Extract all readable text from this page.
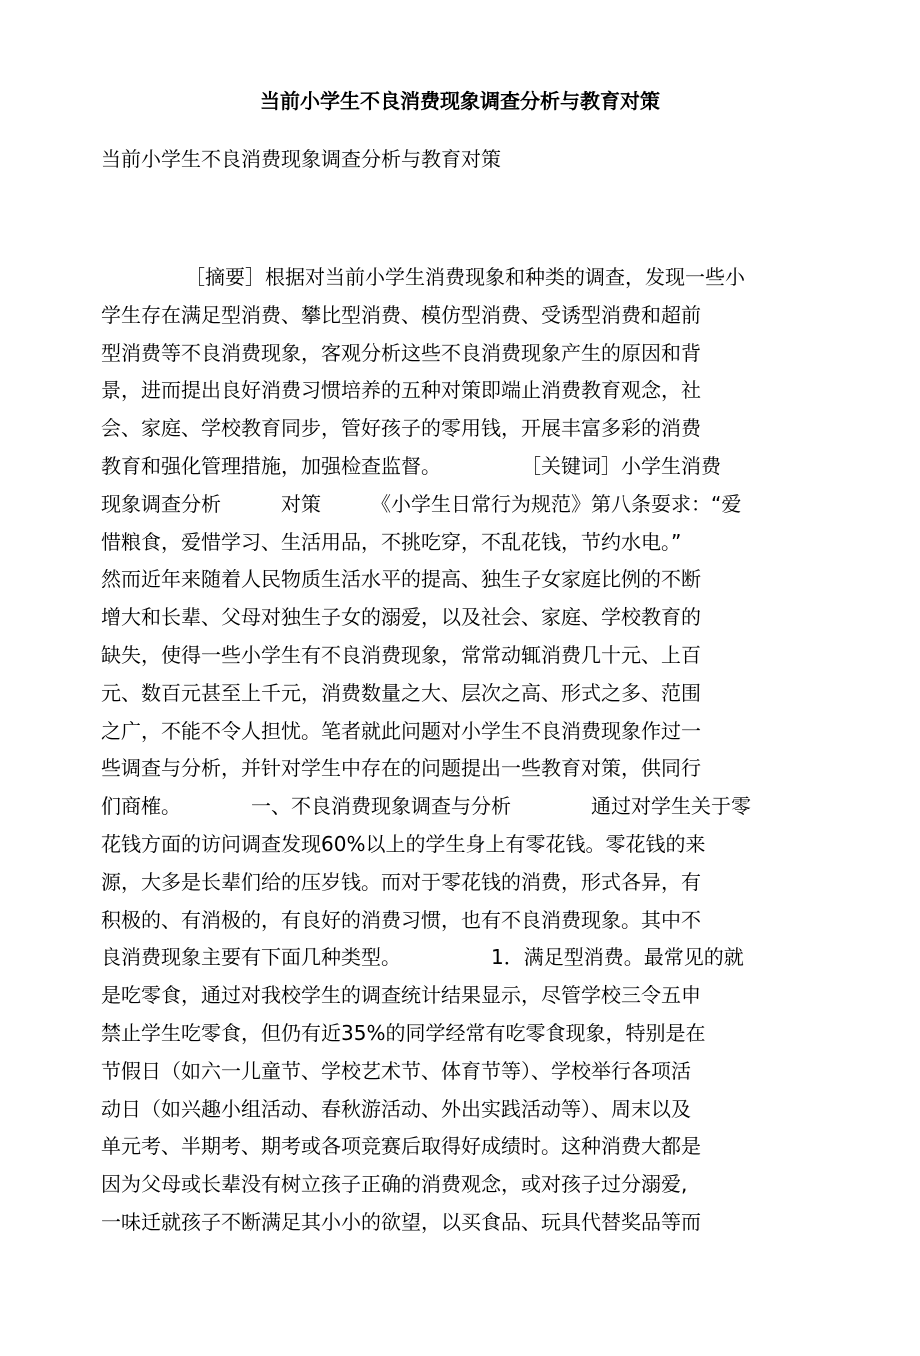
当前小学生不良消费现象调查分析与教育对策
当前小学生不良消费现象调查分析与教育对策
［摘要］根据对当前小学生消费现象和种类的调查，发现一些小
学生存在满足型消费、攀比型消费、模仿型消费、受诱型消费和超前
型消费等不良消费现象，客观分析这些不良消费现象产生的原因和背
景，进而提出良好消费习惯培养的五种对策即端止消费教育观念，社
会、家庭、学校教育同步，管好孩子的零用钱，开展丰富多彩的消费
教育和强化管理措施，加强检查监督。　　　　　［关键词］小学生消费
现象调查分析　　　对策　　　《小学生日常行为规范》第八条耍求：“爱
惜粮食，爱惜学习、生活用品，不挑吃穿，不乱花钱，节约水电。”
然而近年来随着人民物质生活水平的提高、独生子女家庭比例的不断
增大和长辈、父母对独生子女的溺爱，以及社会、家庭、学校教育的
缺失，使得一些小学生有不良消费现象，常常动辄消费几十元、上百
元、数百元甚至上千元，消费数量之大、层次之高、形式之多、范围
之广，不能不令人担忧。笔者就此问题对小学生不良消费现象作过一
些调查与分析，并针对学生中存在的问题提出一些教育对策，供同行
们商榷。　　　　一、不良消费现象调查与分析　　　　通过对学生关于零
花钱方面的访问调查发现60%以上的学生身上有零花钱。零花钱的来
源，大多是长辈们给的压岁钱。而对于零花钱的消费，形式各异，有
积极的、有消极的，有良好的消费习惯，也有不良消费现象。其中不
良消费现象主要有下面几种类型。　　　　　1．满足型消费。最常见的就
是吃零食，通过对我校学生的调查统计结果显示，尽管学校三令五申
禁止学生吃零食，但仍有近35%的同学经常有吃零食现象，特别是在
节假日（如六一儿童节、学校艺术节、体育节等）、学校举行各项活
动日（如兴趣小组活动、春秋游活动、外出实践活动等）、周末以及
单元考、半期考、期考或各项竞赛后取得好成绩时。这种消费大都是
因为父母或长辈没有树立孩子正确的消费观念，或对孩子过分溺爱,
一味迁就孩子不断满足其小小的欲望，以买食品、玩具代替奖品等而
